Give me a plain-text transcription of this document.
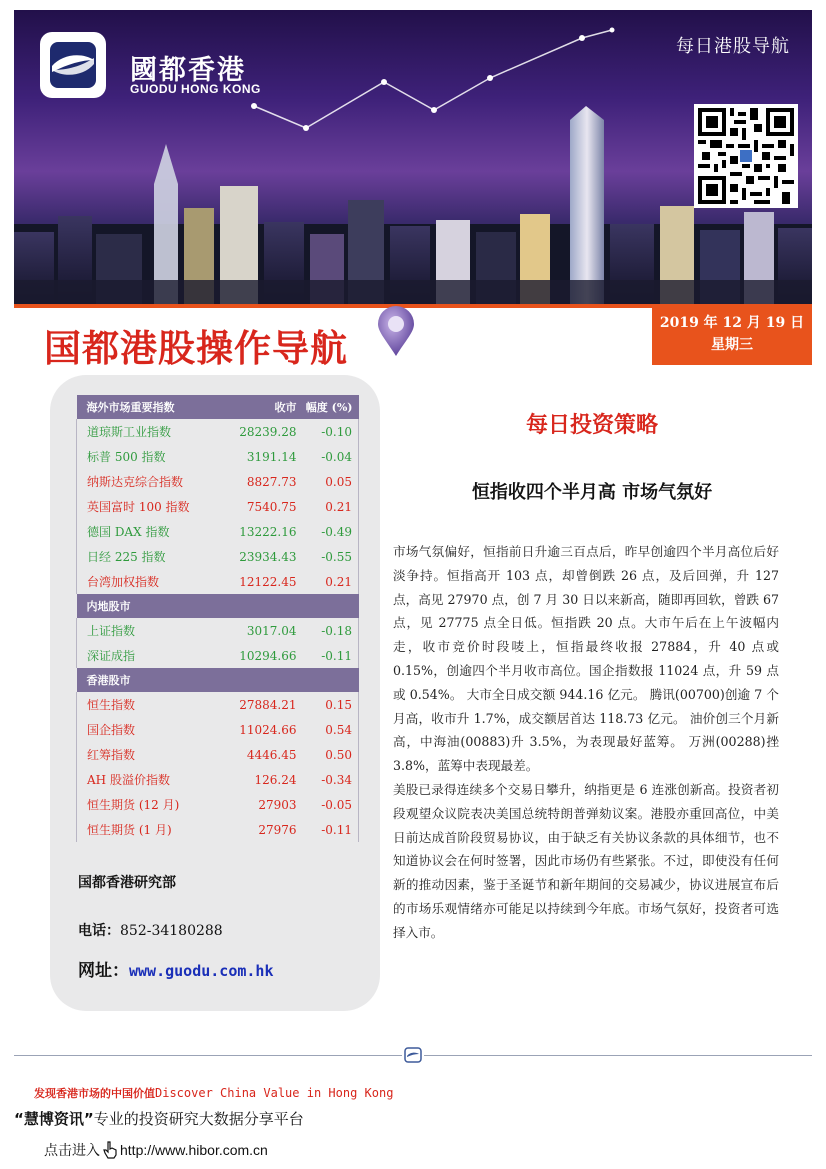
國都香港
GUODU HONG KONG
每日港股导航
国都港股操作导航
2019 年 12 月 19 日
星期三
海外市场重要指数	收市	幅度 (%)
道琼斯工业指数	28239.28	-0.10
标普 500 指数	3191.14	-0.04
纳斯达克综合指数	8827.73	0.05
英国富时 100 指数	7540.75	0.21
德国 DAX 指数	13222.16	-0.49
日经 225 指数	23934.43	-0.55
台湾加权指数	12122.45	0.21
内地股市		
上证指数	3017.04	-0.18
深证成指	10294.66	-0.11
香港股市		
恒生指数	27884.21	0.15
国企指数	11024.66	0.54
红筹指数	4446.45	0.50
AH 股溢价指数	126.24	-0.34
恒生期货 (12 月)	27903	-0.05
恒生期货 (1 月)	27976	-0.11
国都香港研究部
电话：852-34180288
网址：www.guodu.com.hk
每日投资策略
恒指收四个半月高 市场气氛好

市场气氛偏好，恒指前日升逾三百点后，昨早创逾四个半月高位后好淡争持。恒指高开 103 点，却曾倒跌 26 点，及后回弹，升 127 点，高见 27970 点，创 7 月 30 日以来新高，随即再回软，曾跌 67 点，见 27775 点全日低。恒指跌 20 点。大市午后在上午波幅内走，收市竞价时段唛上，恒指最终收报 27884，升 40 点或 0.15%，创逾四个半月收市高位。国企指数报 11024 点，升 59 点或 0.54%。 大市全日成交额 944.16 亿元。 腾讯(00700)创逾 7 个月高，收市升 1.7%，成交额居首达 118.73 亿元。 油价创三个月新高，中海油(00883)升 3.5%，为表现最好蓝筹。 万洲(00288)挫 3.8%，蓝筹中表现最差。

美股已录得连续多个交易日攀升，纳指更是 6 连涨创新高。投资者初段观望众议院表决美国总统特朗普弹劾议案。港股亦重回高位，中美日前达成首阶段贸易协议，由于缺乏有关协议条款的具体细节，也不知道协议会在何时签署，因此市场仍有些紧张。不过，即使没有任何新的推动因素，鉴于圣诞节和新年期间的交易减少，协议进展宣布后的市场乐观情绪亦可能足以持续到今年底。市场气氛好，投资者可选择入市。

发现香港市场的中国价值Discover China Value in Hong Kong
“慧博资讯”专业的投资研究大数据分享平台
点击进入 http://www.hibor.com.cn
